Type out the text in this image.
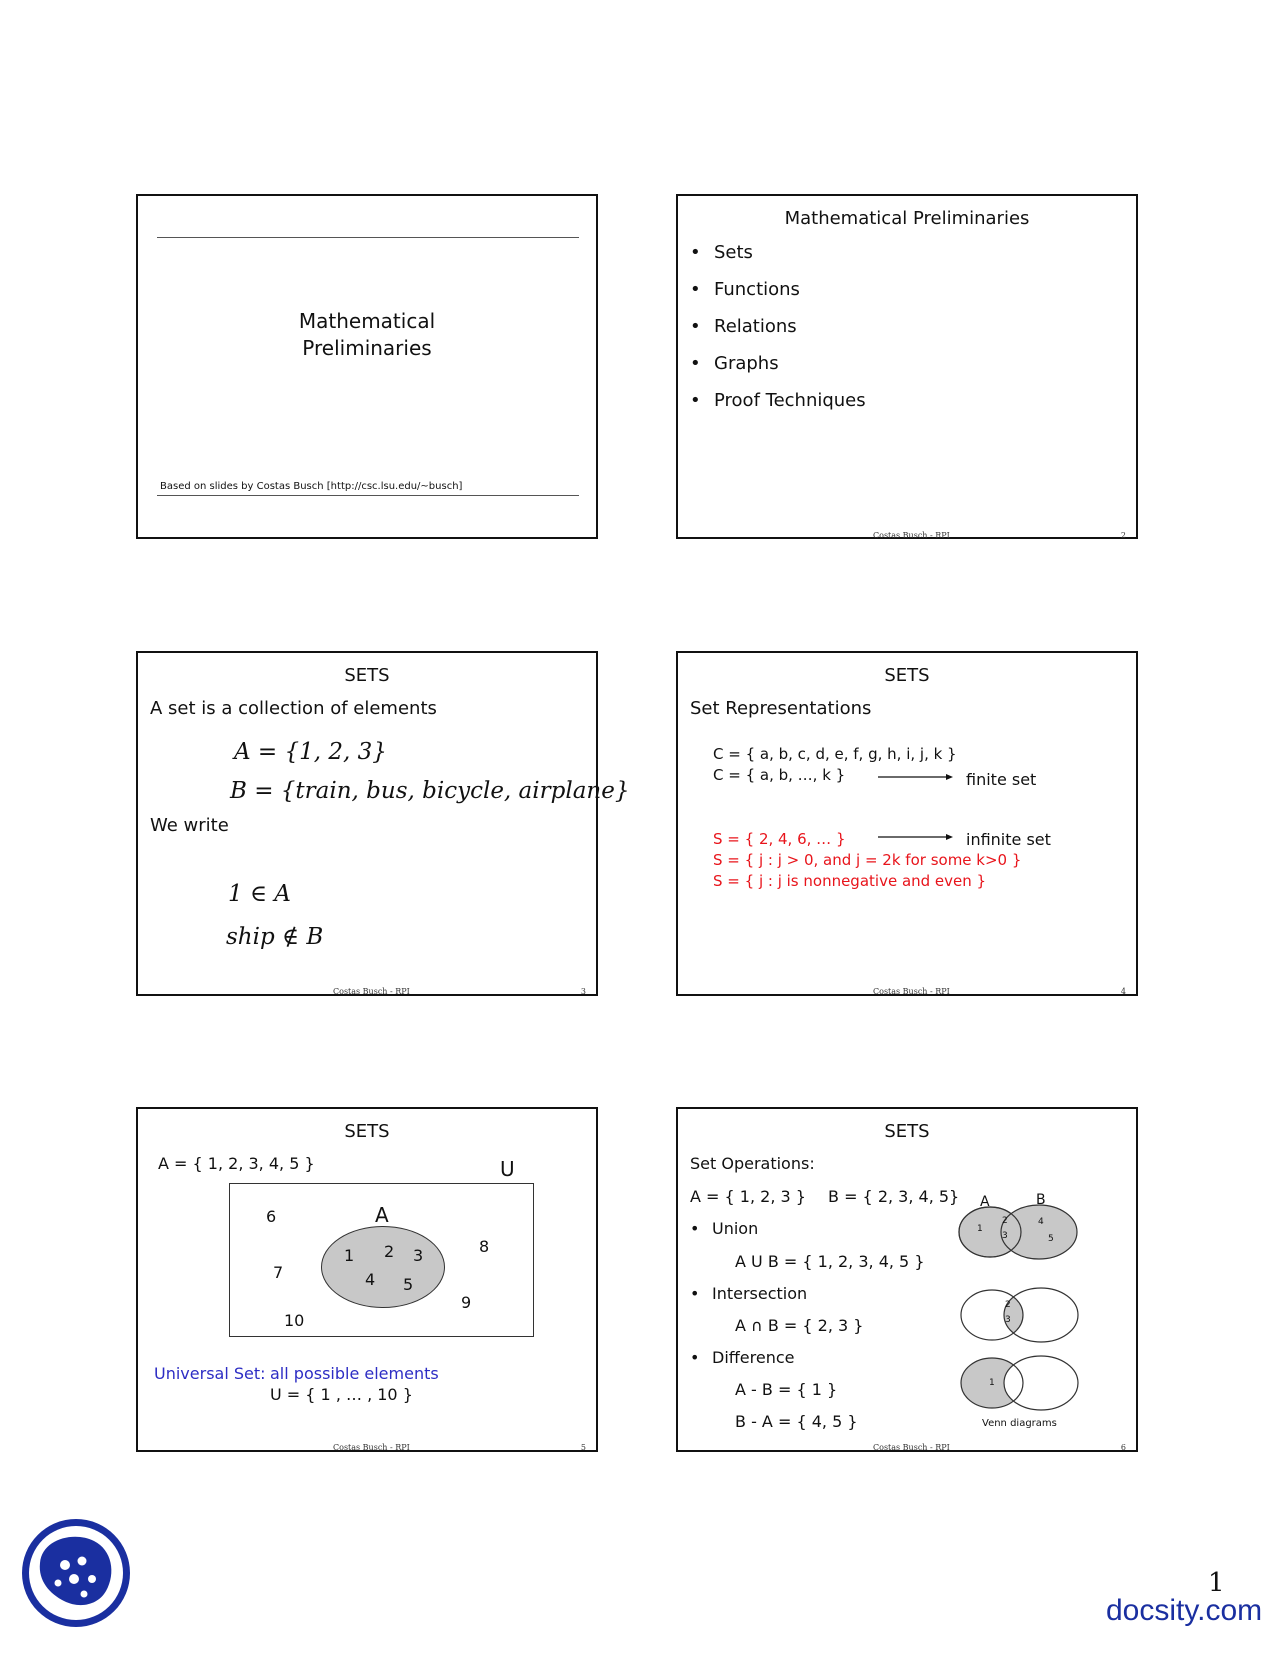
Mathematical
Preliminaries
Based on slides by Costas Busch [http://csc.lsu.edu/~busch]
Mathematical Preliminaries
• Sets
• Functions
• Relations
• Graphs
• Proof Techniques
Costas Busch - RPI	2
SETS
A set is a collection of elements
A = {1, 2, 3}
B = {train, bus, bicycle, airplane}
We write
1 ∈ A
ship ∉ B
Costas Busch - RPI	3
SETS
Set Representations
C = { a, b, c, d, e, f, g, h, i, j, k }
C = { a, b, …, k }	finite set
S = { 2, 4, 6, … }	infinite set
S = { j : j > 0, and j = 2k for some k>0 }
S = { j : j is nonnegative and even }
Costas Busch - RPI	4
SETS
A = { 1, 2, 3, 4, 5 }	U
A
1 2 3
4 5
6
7
8
9
10
Universal Set: all possible elements
U = { 1 , … , 10 }
Costas Busch - RPI	5
SETS
Set Operations:
A = { 1, 2, 3 } B = { 2, 3, 4, 5}
• Union
A U B = { 1, 2, 3, 4, 5 }
• Intersection
A ∩ B = { 2, 3 }
• Difference
A - B = { 1 }
B - A = { 4, 5 }
A	B
1
2
3
4
5
2
3
1
Venn diagrams
Costas Busch - RPI	6
1
docsity.com
